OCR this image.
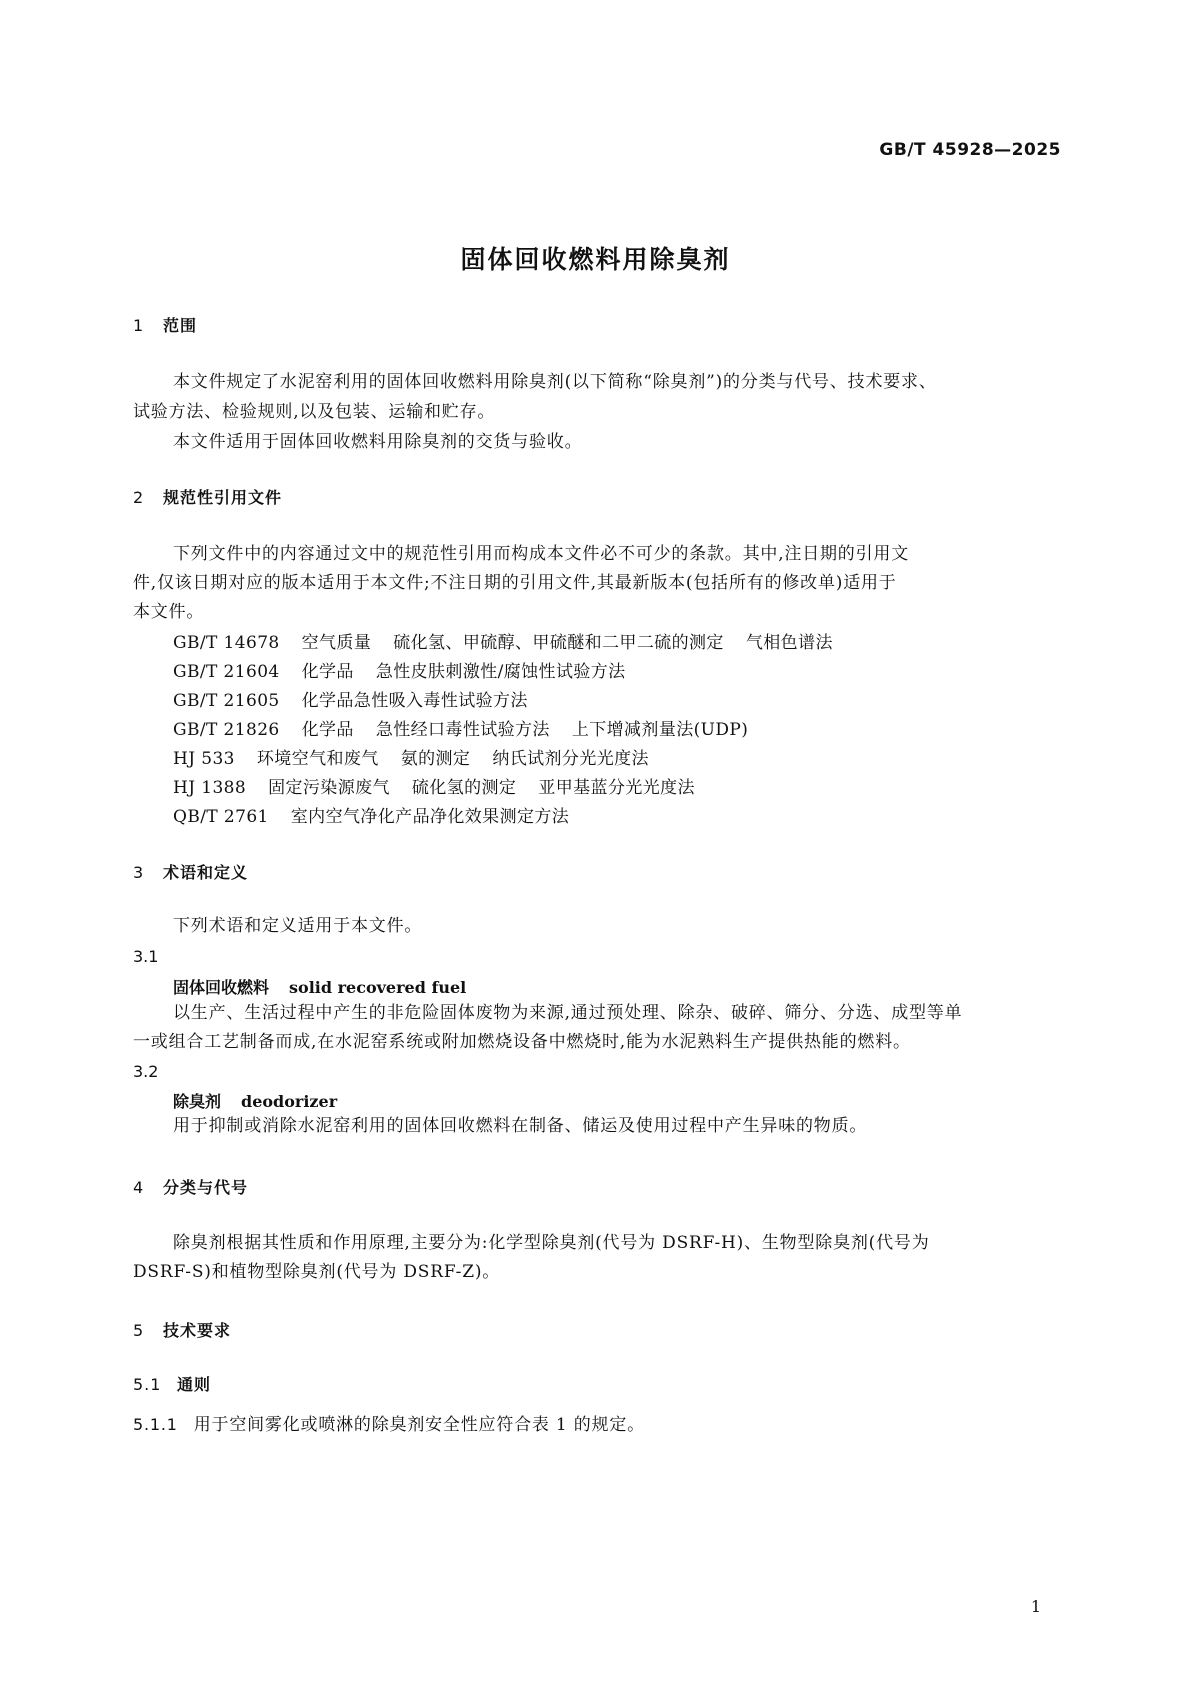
GB/T 45928—2025
固体回收燃料用除臭剂
1 范围
本文件规定了水泥窑利用的固体回收燃料用除臭剂(以下简称“除臭剂”)的分类与代号、技术要求、
试验方法、检验规则,以及包装、运输和贮存。
本文件适用于固体回收燃料用除臭剂的交货与验收。
2 规范性引用文件
下列文件中的内容通过文中的规范性引用而构成本文件必不可少的条款。其中,注日期的引用文
件,仅该日期对应的版本适用于本文件;不注日期的引用文件,其最新版本(包括所有的修改单)适用于
本文件。
GB/T 14678 空气质量 硫化氢、甲硫醇、甲硫醚和二甲二硫的测定 气相色谱法
GB/T 21604 化学品 急性皮肤刺激性/腐蚀性试验方法
GB/T 21605 化学品急性吸入毒性试验方法
GB/T 21826 化学品 急性经口毒性试验方法 上下增减剂量法(UDP)
HJ 533 环境空气和废气 氨的测定 纳氏试剂分光光度法
HJ 1388 固定污染源废气 硫化氢的测定 亚甲基蓝分光光度法
QB/T 2761 室内空气净化产品净化效果测定方法
3 术语和定义
下列术语和定义适用于本文件。
3.1
固体回收燃料 solid recovered fuel
以生产、生活过程中产生的非危险固体废物为来源,通过预处理、除杂、破碎、筛分、分选、成型等单
一或组合工艺制备而成,在水泥窑系统或附加燃烧设备中燃烧时,能为水泥熟料生产提供热能的燃料。
3.2
除臭剂 deodorizer
用于抑制或消除水泥窑利用的固体回收燃料在制备、储运及使用过程中产生异味的物质。
4 分类与代号
除臭剂根据其性质和作用原理,主要分为:化学型除臭剂(代号为 DSRF-H)、生物型除臭剂(代号为
DSRF-S)和植物型除臭剂(代号为 DSRF-Z)。
5 技术要求
5.1 通则
5.1.1 用于空间雾化或喷淋的除臭剂安全性应符合表 1 的规定。
1
